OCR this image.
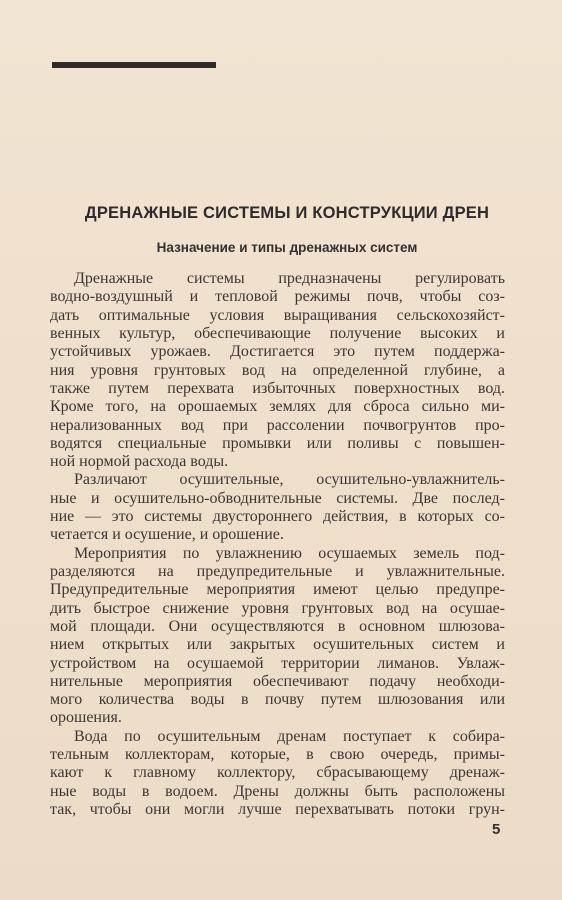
ДРЕНАЖНЫЕ СИСТЕМЫ И КОНСТРУКЦИИ ДРЕН
Назначение и типы дренажных систем
Дренажные системы предназначены регулировать
водно-воздушный и тепловой режимы почв, чтобы соз-
дать оптимальные условия выращивания сельскохозяйст-
венных культур, обеспечивающие получение высоких и
устойчивых урожаев. Достигается это путем поддержа-
ния уровня грунтовых вод на определенной глубине, а
также путем перехвата избыточных поверхностных вод.
Кроме того, на орошаемых землях для сброса сильно ми-
нерализованных вод при рассолении почвогрунтов про-
водятся специальные промывки или поливы с повышен-
ной нормой расхода воды.
Различают осушительные, осушительно-увлажнитель-
ные и осушительно-обводнительные системы. Две послед-
ние — это системы двустороннего действия, в которых со-
четается и осушение, и орошение.
Мероприятия по увлажнению осушаемых земель под-
разделяются на предупредительные и увлажнительные.
Предупредительные мероприятия имеют целью предупре-
дить быстрое снижение уровня грунтовых вод на осушае-
мой площади. Они осуществляются в основном шлюзова-
нием открытых или закрытых осушительных систем и
устройством на осушаемой территории лиманов. Увлаж-
нительные мероприятия обеспечивают подачу необходи-
мого количества воды в почву путем шлюзования или
орошения.
Вода по осушительным дренам поступает к собира-
тельным коллекторам, которые, в свою очередь, примы-
кают к главному коллектору, сбрасывающему дренаж-
ные воды в водоем. Дрены должны быть расположены
так, чтобы они могли лучше перехватывать потоки грун-
5
